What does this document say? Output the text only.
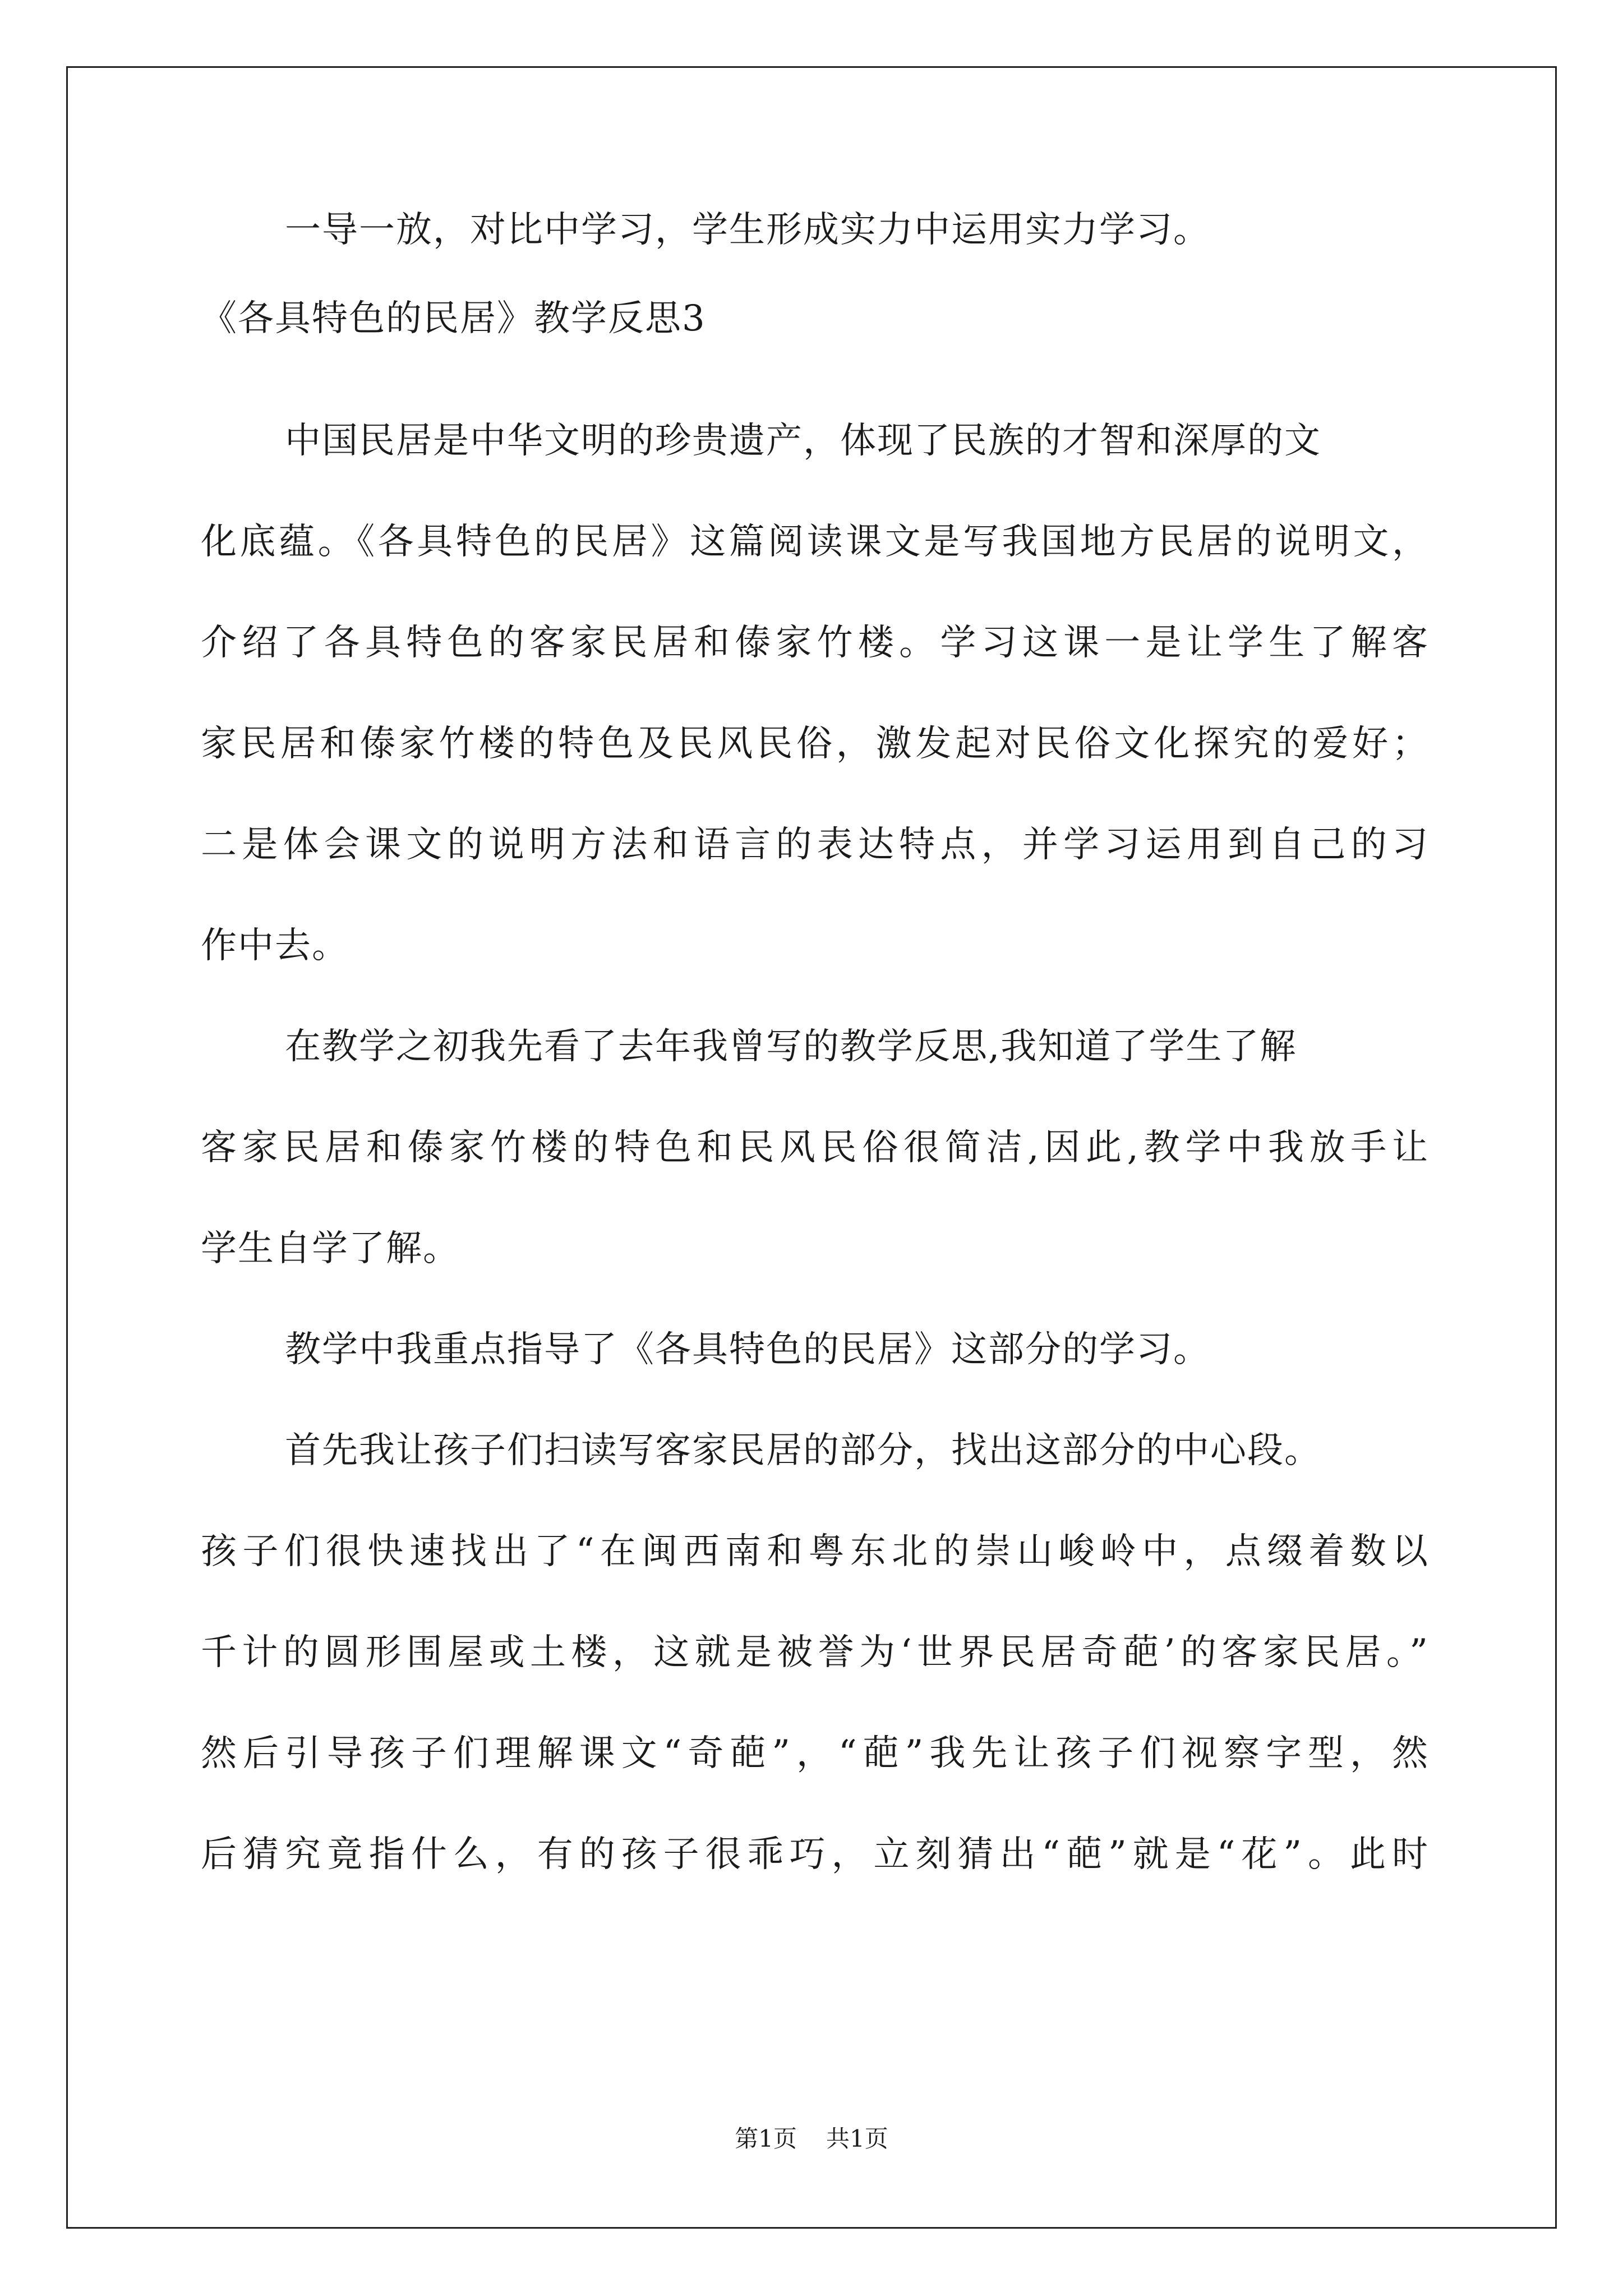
一导一放，对比中学习，学生形成实力中运用实力学习。
《各具特色的民居》教学反思3
中国民居是中华文明的珍贵遗产，体现了民族的才智和深厚的文
化底蕴。《各具特色的民居》这篇阅读课文是写我国地方民居的说明文，
介绍了各具特色的客家民居和傣家竹楼。学习这课一是让学生了解客
家民居和傣家竹楼的特色及民风民俗，激发起对民俗文化探究的爱好；
二是体会课文的说明方法和语言的表达特点，并学习运用到自己的习
作中去。
在教学之初我先看了去年我曾写的教学反思,我知道了学生了解
客家民居和傣家竹楼的特色和民风民俗很简洁,因此,教学中我放手让
学生自学了解。
教学中我重点指导了《各具特色的民居》这部分的学习。
首先我让孩子们扫读写客家民居的部分，找出这部分的中心段。
孩子们很快速找出了“在闽西南和粤东北的崇山峻岭中，点缀着数以
千计的圆形围屋或土楼，这就是被誉为‘世界民居奇葩’的客家民居。”
然后引导孩子们理解课文“奇葩”，“葩”我先让孩子们视察字型，然
后猜究竟指什么，有的孩子很乖巧，立刻猜出“葩”就是“花”。此时
第1页 共1页
